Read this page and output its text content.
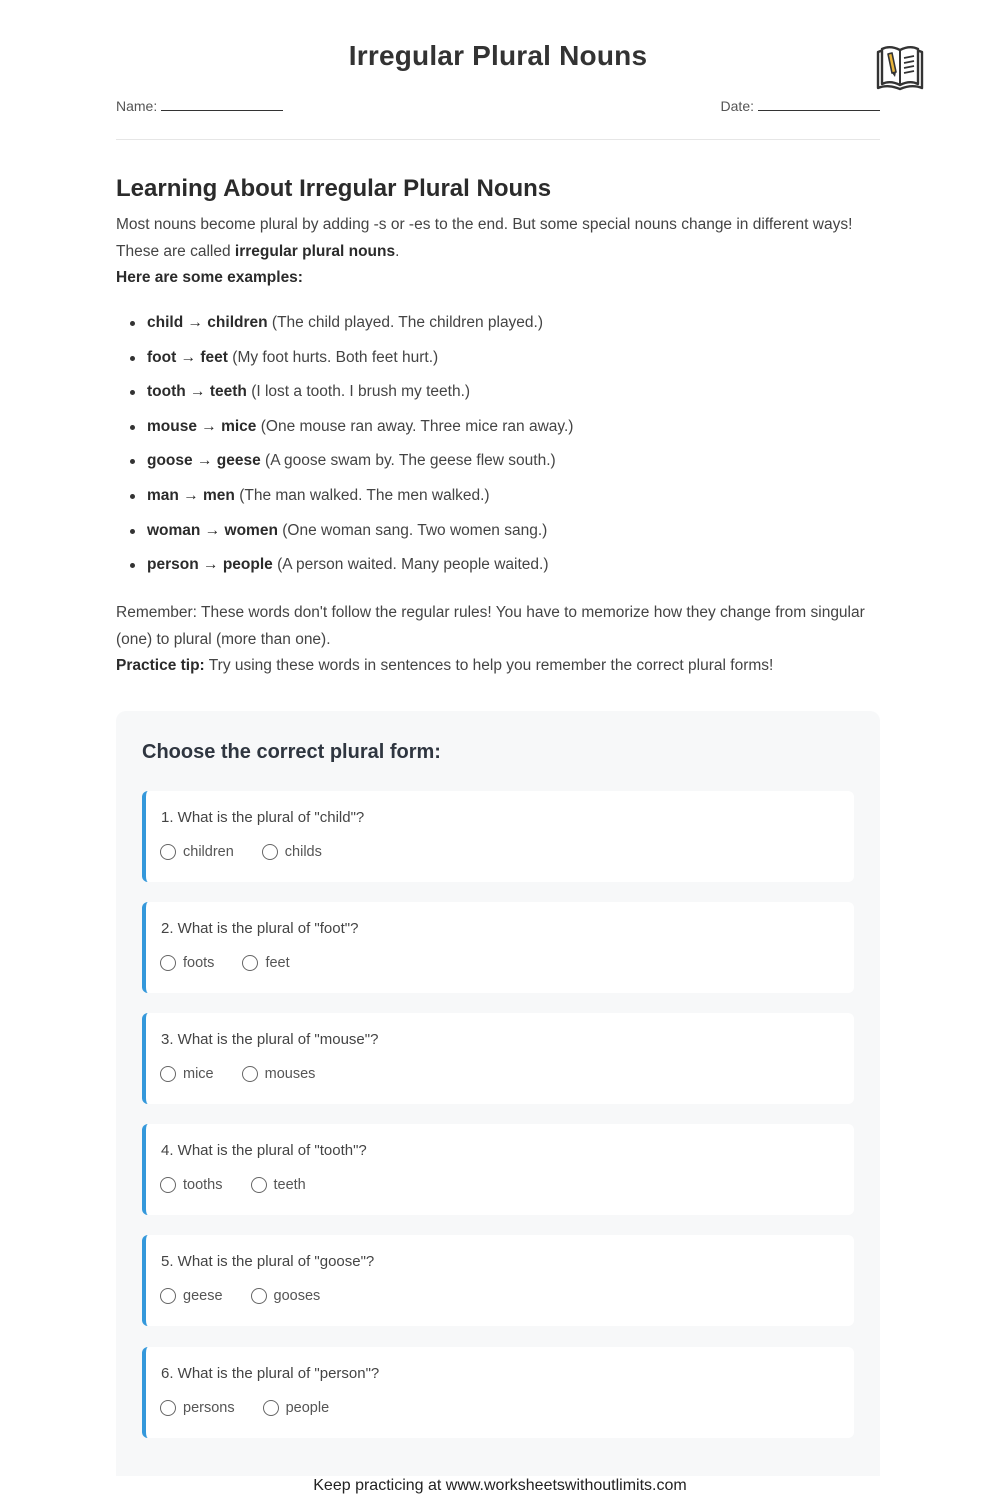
Irregular Plural Nouns
Name:	Date:
Learning About Irregular Plural Nouns
Most nouns become plural by adding -s or -es to the end. But some special nouns change in different ways! These are called irregular plural nouns.
Here are some examples:
child → children (The child played. The children played.)
foot → feet (My foot hurts. Both feet hurt.)
tooth → teeth (I lost a tooth. I brush my teeth.)
mouse → mice (One mouse ran away. Three mice ran away.)
goose → geese (A goose swam by. The geese flew south.)
man → men (The man walked. The men walked.)
woman → women (One woman sang. Two women sang.)
person → people (A person waited. Many people waited.)
Remember: These words don't follow the regular rules! You have to memorize how they change from singular (one) to plural (more than one).
Practice tip: Try using these words in sentences to help you remember the correct plural forms!
Choose the correct plural form:
1. What is the plural of "child"?
children	childs
2. What is the plural of "foot"?
foots	feet
3. What is the plural of "mouse"?
mice	mouses
4. What is the plural of "tooth"?
tooths	teeth
5. What is the plural of "goose"?
geese	gooses
6. What is the plural of "person"?
persons	people
Keep practicing at www.worksheetswithoutlimits.com
